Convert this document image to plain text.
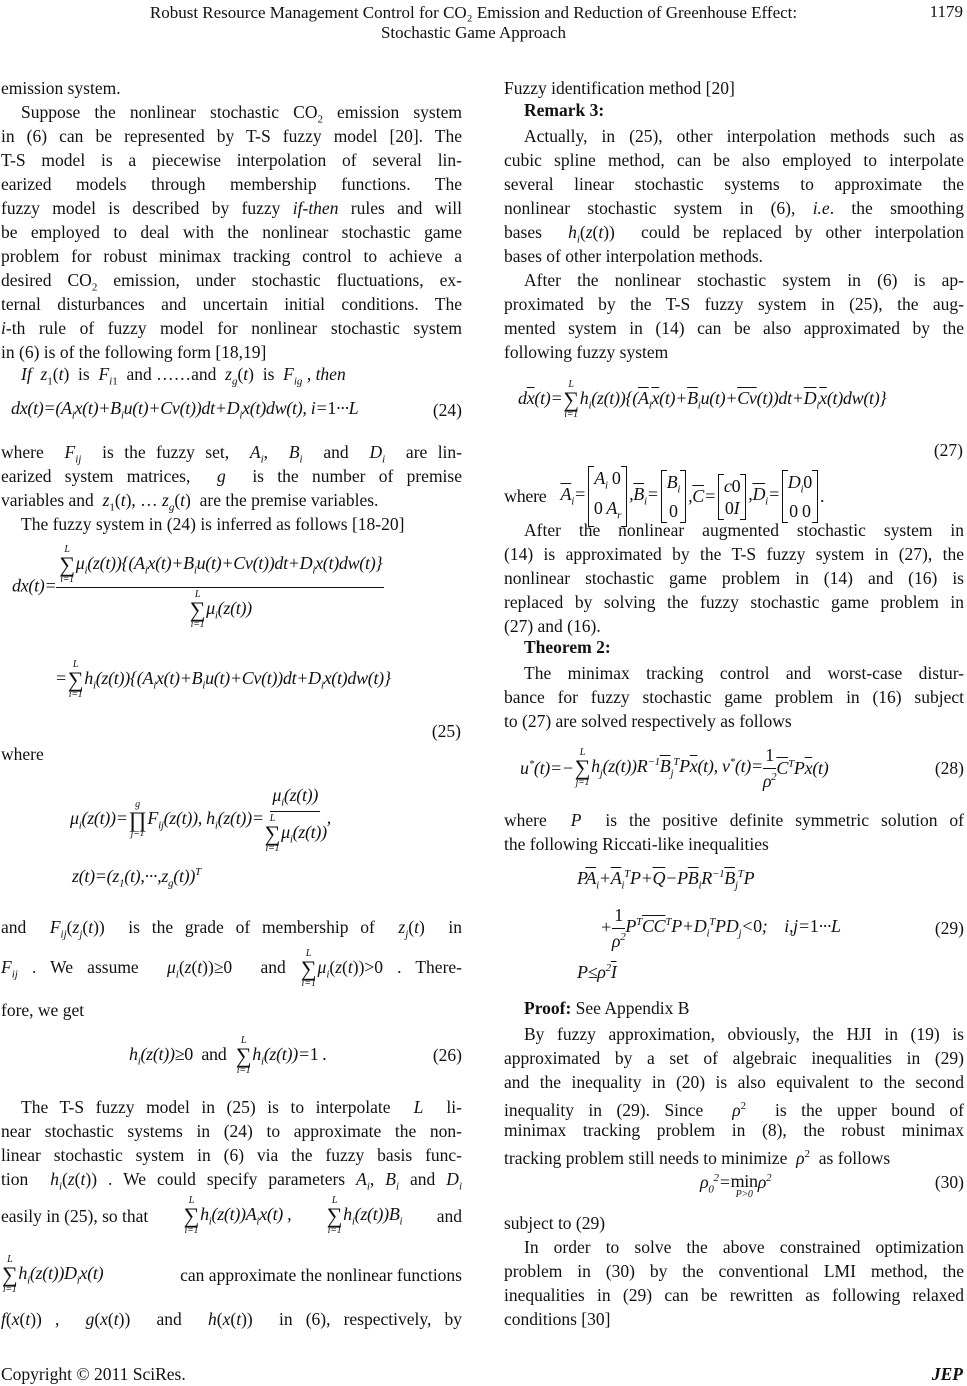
Robust Resource Management Control for CO₂ Emission and Reduction of Greenhouse Effect:
Stochastic Game Approach
1179
emission system.
Suppose the nonlinear stochastic $CO_2$ emission system
in (6) can be represented by T-S fuzzy model [20]. The
T-S model is a piecewise interpolation of several lin-
earized models through membership functions. The
fuzzy model is described by fuzzy if-then rules and will
be employed to deal with the nonlinear stochastic game
problem for robust minimax tracking control to achieve a
desired $CO_2$ emission, under stochastic fluctuations, ex-
ternal disturbances and uncertain initial conditions. The
i-th rule of fuzzy model for nonlinear stochastic system
in (6) is of the following form [18,19]
If $z_1(t)$  is  $F_{i1}$  and ……and  $z_g(t)$  is  $F_{ig}$ , then
$dx(t)=(A_ix(t)+B_iu(t)+Cv(t))dt+D_ix(t)dw(t)$, i=1···L	(24)
where  $F_{ij}$  is the fuzzy set,  $A_i$,  $B_i$  and  $D_i$  are lin-
earized system matrices,  g  is the number of premise
variables and  $z_1(t)$, … $z_g(t)$  are the premise variables.
The fuzzy system in (24) is inferred as follows [18-20]
dx(t)= L
∑
i=1
$\mu_i(z(t))\{(A_ix(t)+B_iu(t)+Cv(t))dt+D_ix(t)dw(t)\}$
L
∑
i=1
$\mu_i(z(t))$
=
L
∑
i=1
$h_i(z(t))\{(A_ix(t)+B_iu(t)+Cv(t))dt+D_ix(t)dw(t)\}$
(25)
where
$\mu_i(z(t))=$
g
∏
j=1
$F_{ij}(z(t))$, $h_i(z(t))= \mu_i(z(t))$
L
∑
i=1
$\mu_i(z(t))$ ,
$z(t)=(z_1(t),\cdot\cdot\cdot,z_g(t))^T$
and  $F_{ij}(z_j(t))$  is the grade of membership of  $z_j(t)$  in
$F_{ij}$ . We assume  $\mu_i(z(t))\ge 0$  and
L
∑
i=1
$\mu_i(z(t))>0$ . There-
fore, we get
$h_i(z(t))\ge 0$ and
L
∑
i=1
$h_i(z(t))=1$ .	(26)
The T-S fuzzy model in (25) is to interpolate  L  li-
near stochastic systems in (24) to approximate the non-
linear stochastic system in (6) via the fuzzy basis func-
tion  $h_i(z(t))$ . We could specify parameters $A_i$, $B_i$ and $D_i$
easily in (25), so that
L
∑
i=1
$h_i(z(t))A_ix(t)$ ,
L
∑
i=1
$h_i(z(t))B_i$ and
L
∑
i=1
$h_i(z(t))D_ix(t)$	can approximate the nonlinear functions
f(x(t)) ,  g(x(t))  and  h(x(t))  in (6), respectively, by
Copyright © 2011 SciRes.
Fuzzy identification method [20]
Remark 3:
Actually, in (25), other interpolation methods such as
cubic spline method, can be also employed to interpolate
several linear stochastic systems to approximate the
nonlinear stochastic system in (6), i.e. the smoothing
bases  $h_i(z(t))$  could be replaced by other interpolation
bases of other interpolation methods.
After the nonlinear stochastic system in (6) is ap-
proximated by the T-S fuzzy system in (25), the aug-
mented system in (14) can be also approximated by the
following fuzzy system
$d\overline{x}(t)=$
L
∑
i=1
$h_i(z(t))\{(\overline{A}_i\overline{x}(t)+\overline{B}_iu(t)+\overline{C}\overline{v}(t))dt+\overline{D}_i\overline{x}(t)dw(t)\}$
(27)
where $\overline{A}_i=$
$A_i$ 0
0 $A_r$
$,\overline{B}_i=$
$B_i$
0
$,\overline{C}=$
c0
0I
$,\overline{D}_i=$
$D_i0$
0 0
.
After the nonlinear augmented stochastic system in
(14) is approximated by the T-S fuzzy system in (27), the
nonlinear stochastic game problem in (14) and (16) is
replaced by solving the fuzzy stochastic game problem in
(27) and (16).
Theorem 2:
The minimax tracking control and worst-case distur-
bance for fuzzy stochastic game problem in (16) subject
to (27) are solved respectively as follows
u*(t)=−
L
∑
j=1
$h_j(z(t))R^{-1}\overline{B}_j^TP\overline{x}(t)$, $v^*(t)= \frac{1}{\rho^2} \overline{C}^TP\overline{x}(t)$	(28)
where  P  is the positive definite symmetric solution of
the following Riccati-like inequalities
$P\overline{A}_i+\overline{A}_i^TP+\overline{Q}-P\overline{B}_iR^{-1}\overline{B}_j^TP$
+ $\frac{1}{\rho^2} P^T\overline{C}\overline{C}^TP+D_i^TPD_j<0$;    i,j=1···L	(29)
$P\le\rho^2\overline{I}$
Proof: See Appendix B
By fuzzy approximation, obviously, the HJI in (19) is
approximated by a set of algebraic inequalities in (29)
and the inequality in (20) is also equivalent to the second
inequality in (29). Since  $\rho^2$  is the upper bound of
minimax tracking problem in (8), the robust minimax
tracking problem still needs to minimize  $\rho^2$  as follows
$\rho_0^2= \min$
P>0
$\rho^2$	(30)
subject to (29)
In order to solve the above constrained optimization
problem in (30) by the conventional LMI method, the
inequalities in (29) can be rewritten as following relaxed
conditions [30]
JEP
